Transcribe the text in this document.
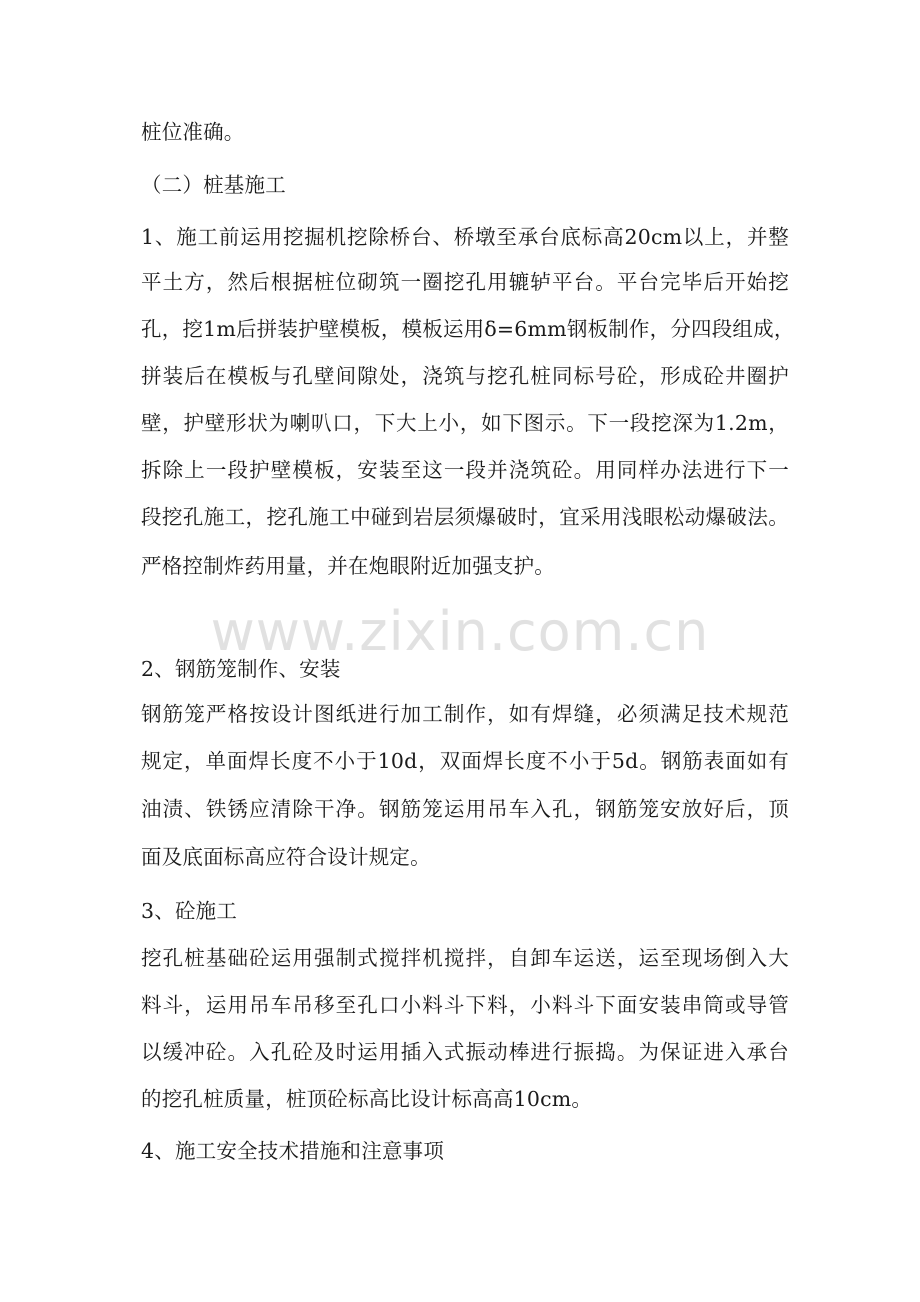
桩位准确。
（二）桩基施工
1、施工前运用挖掘机挖除桥台、桥墩至承台底标高20cm以上，并整
平土方，然后根据桩位砌筑一圈挖孔用辘轳平台。平台完毕后开始挖
孔，挖1m后拼装护壁模板，模板运用δ=6mm钢板制作，分四段组成，
拼装后在模板与孔壁间隙处，浇筑与挖孔桩同标号砼，形成砼井圈护
壁，护壁形状为喇叭口，下大上小，如下图示。下一段挖深为1.2m，
拆除上一段护壁模板，安装至这一段并浇筑砼。用同样办法进行下一
段挖孔施工，挖孔施工中碰到岩层须爆破时，宜采用浅眼松动爆破法。
严格控制炸药用量，并在炮眼附近加强支护。
www.zixin.com.cn
2、钢筋笼制作、安装
钢筋笼严格按设计图纸进行加工制作，如有焊缝，必须满足技术规范
规定，单面焊长度不小于10d，双面焊长度不小于5d。钢筋表面如有
油渍、铁锈应清除干净。钢筋笼运用吊车入孔，钢筋笼安放好后，顶
面及底面标高应符合设计规定。
3、砼施工
挖孔桩基础砼运用强制式搅拌机搅拌，自卸车运送，运至现场倒入大
料斗，运用吊车吊移至孔口小料斗下料，小料斗下面安装串筒或导管
以缓冲砼。入孔砼及时运用插入式振动棒进行振捣。为保证进入承台
的挖孔桩质量，桩顶砼标高比设计标高高10cm。
4、施工安全技术措施和注意事项
